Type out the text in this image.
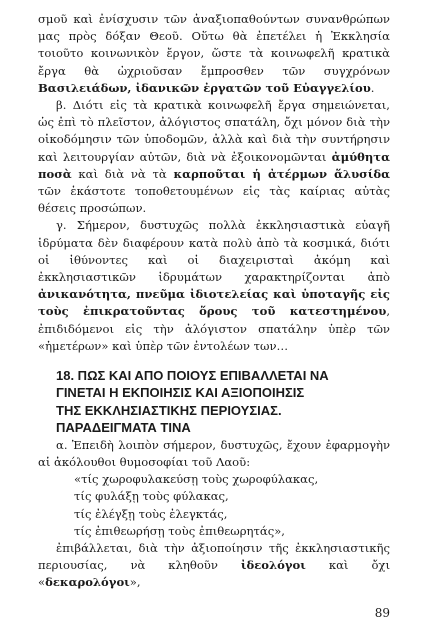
σμοῦ καὶ ἐνίσχυσιν τῶν ἀναξιοπαθούντων συνανθρώπων μας πρὸς δόξαν Θεοῦ. Οὕτω θὰ ἐπετέλει ἡ Ἐκκλησία τοιοῦτο κοινωνικὸν ἔργον, ὥστε τὰ κοινωφελῆ κρατικὰ ἔργα θὰ ὠχριοῦσαν ἔμπροσθεν τῶν συγχρόνων Βασιλειάδων, ἰδανικῶν ἐργατῶν τοῦ Εὐαγγελίου.

β. Διότι εἰς τὰ κρατικὰ κοινωφελῆ ἔργα σημειώνεται, ὡς ἐπὶ τὸ πλεῖστον, ἀλόγιστος σπατάλη, ὄχι μόνον διὰ τὴν οἰκοδόμησιν τῶν ὑποδομῶν, ἀλλὰ καὶ διὰ τὴν συντήρησιν καὶ λειτουργίαν αὐτῶν, διὰ νὰ ἐξοικονομῶνται ἀμύθητα ποσὰ καὶ διὰ νὰ τὰ καρποῦται ἡ ἀτέρμων ἅλυσίδα τῶν ἑκάστοτε τοποθετουμένων εἰς τὰς καίριας αὐτὰς θέσεις προσώπων.

γ. Σήμερον, δυστυχῶς πολλὰ ἐκκλησιαστικὰ εὐαγῆ ἱδρύματα δὲν διαφέρουν κατὰ πολὺ ἀπὸ τὰ κοσμικά, διότι οἱ ἰθύνοντες καὶ οἱ διαχειρισταὶ ἀκόμη καὶ ἐκκλησιαστικῶν ἱδρυμάτων χαρακτηρίζονται ἀπὸ ἀνικανότητα, πνεῦμα ἰδιοτελείας καὶ ὑποταγῆς εἰς τοὺς ἐπικρατοῦντας ὅρους τοῦ κατεστημένου, ἐπιδιδόμενοι εἰς τὴν ἀλόγιστον σπατάλην ὑπὲρ τῶν «ἡμετέρων» καὶ ὑπὲρ τῶν ἐντολέων των…

18. ΠΩΣ ΚΑΙ ΑΠΟ ΠΟΙΟΥΣ ΕΠΙΒΑΛΛΕΤΑΙ ΝΑ
ΓΙΝΕΤΑΙ Η ΕΚΠΟΙΗΣΙΣ ΚΑΙ ΑΞΙΟΠΟΙΗΣΙΣ
ΤΗΣ ΕΚΚΛΗΣΙΑΣΤΙΚΗΣ ΠΕΡΙΟΥΣΙΑΣ.
ΠΑΡΑΔΕΙΓΜΑΤΑ ΤΙΝΑ

α. Ἐπειδὴ λοιπὸν σήμερον, δυστυχῶς, ἔχουν ἐφαρμογὴν αἱ ἀκόλουθοι θυμοσοφίαι τοῦ Λαοῦ:

«τίς χωροφυλακεύσῃ τοὺς χωροφύλακας,
τίς φυλάξῃ τοὺς φύλακας,
τίς ἐλέγξῃ τοὺς ἐλεγκτάς,
τίς ἐπιθεωρήσῃ τοὺς ἐπιθεωρητάς»,

ἐπιβάλλεται, διὰ τὴν ἀξιοποίησιν τῆς ἐκκλησιαστικῆς περιουσίας, νὰ κληθοῦν ἰδεολόγοι καὶ ὄχι «δεκαρολόγοι»,

89
